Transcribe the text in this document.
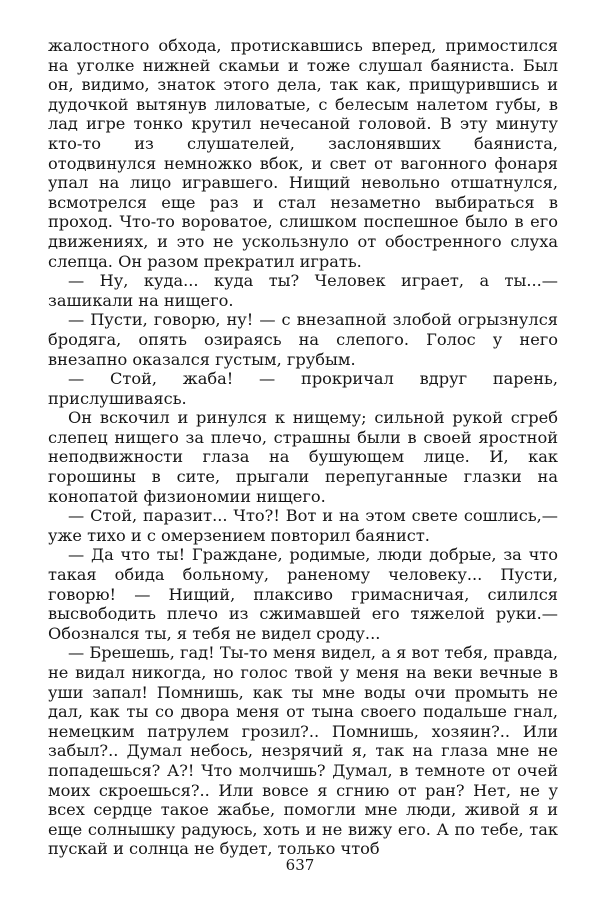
жалостного обхода, протискавшись вперед, примостился на уголке нижней скамьи и тоже слушал баяниста. Был он, видимо, знаток этого дела, так как, прищурившись и дудочкой вытянув лиловатые, с белесым налетом губы, в лад игре тонко крутил нечесаной головой. В эту минуту кто-то из слушателей, заслонявших баяниста, отодвинулся немножко вбок, и свет от вагонного фонаря упал на лицо игравшего. Нищий невольно отшатнулся, всмотрелся еще раз и стал незаметно выбираться в проход. Что-то вороватое, слишком поспешное было в его движениях, и это не ускользнуло от обостренного слуха слепца. Он разом прекратил играть.

— Ну, куда... куда ты? Человек играет, а ты...— зашикали на нищего.

— Пусти, говорю, ну! — с внезапной злобой огрызнулся бродяга, опять озираясь на слепого. Голос у него внезапно оказался густым, грубым.

— Стой, жаба! — прокричал вдруг парень, прислушиваясь.

Он вскочил и ринулся к нищему; сильной рукой сгреб слепец нищего за плечо, страшны были в своей яростной неподвижности глаза на бушующем лице. И, как горошины в сите, прыгали перепуганные глазки на конопатой физиономии нищего.

— Стой, паразит... Что?! Вот и на этом свете сошлись,— уже тихо и с омерзением повторил баянист.

— Да что ты! Граждане, родимые, люди добрые, за что такая обида больному, раненому человеку... Пусти, говорю! — Нищий, плаксиво гримасничая, силился высвободить плечо из сжимавшей его тяжелой руки.— Обознался ты, я тебя не видел сроду...

— Брешешь, гад! Ты-то меня видел, а я вот тебя, правда, не видал никогда, но голос твой у меня на веки вечные в уши запал! Помнишь, как ты мне воды очи промыть не дал, как ты со двора меня от тына своего подальше гнал, немецким патрулем грозил?.. Помнишь, хозяин?.. Или забыл?.. Думал небось, незрячий я, так на глаза мне не попадешься? А?! Что молчишь? Думал, в темноте от очей моих скроешься?.. Или вовсе я сгнию от ран? Нет, не у всех сердце такое жабье, помогли мне люди, живой я и еще солнышку радуюсь, хоть и не вижу его. А по тебе, так пускай и солнца не будет, только чтоб

637
